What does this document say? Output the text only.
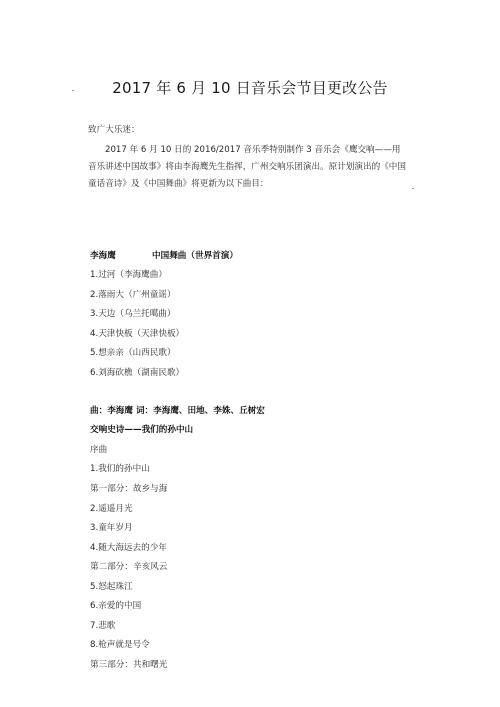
2017 年 6 月 10 日音乐会节目更改公告
致广大乐迷：
2017 年 6 月 10 日的 2016/2017 音乐季特别制作 3 音乐会《鹰交响——用音乐讲述中国故事》将由李海鹰先生指挥，广州交响乐团演出。原计划演出的《中国童话音诗》及《中国舞曲》将更新为以下曲目：
李海鹰	中国舞曲（世界首演）
1.过河（李海鹰曲）
2.落雨大（广州童谣）
3.天边（乌兰托噶曲）
4.天津快板（天津快板）
5.想亲亲（山西民歌）
6.刘海砍樵（湖南民歌）
曲：李海鹰 词：李海鹰、田地、李姝、丘树宏
交响史诗——我们的孙中山
序曲
1.我们的孙中山
第一部分：故乡与海
2.遥遥月光
3.童年岁月
4.随大海远去的少年
第二部分：辛亥风云
5.怒起珠江
6.亲爱的中国
7.悲歌
8.枪声就是号令
第三部分：共和曙光
